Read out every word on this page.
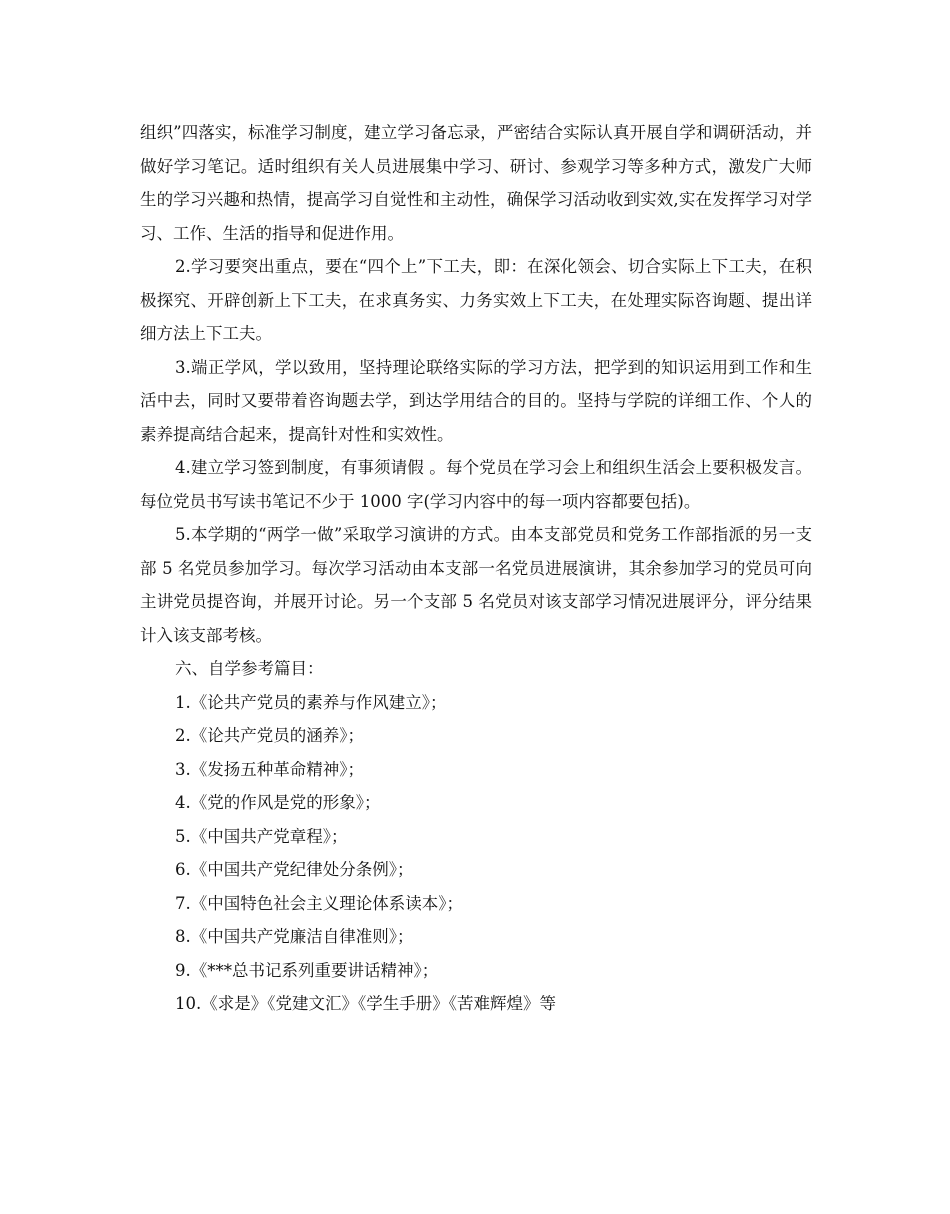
组织”四落实，标准学习制度，建立学习备忘录，严密结合实际认真开展自学和调研活动，并做好学习笔记。适时组织有关人员进展集中学习、研讨、参观学习等多种方式，激发广大师生的学习兴趣和热情，提高学习自觉性和主动性，确保学习活动收到实效,实在发挥学习对学习、工作、生活的指导和促进作用。

2.学习要突出重点，要在“四个上”下工夫，即：在深化领会、切合实际上下工夫，在积极探究、开辟创新上下工夫，在求真务实、力务实效上下工夫，在处理实际咨询题、提出详细方法上下工夫。

3.端正学风，学以致用，坚持理论联络实际的学习方法，把学到的知识运用到工作和生活中去，同时又要带着咨询题去学，到达学用结合的目的。坚持与学院的详细工作、个人的素养提高结合起来，提高针对性和实效性。

4.建立学习签到制度，有事须请假 。每个党员在学习会上和组织生活会上要积极发言。每位党员书写读书笔记不少于 1000 字(学习内容中的每一项内容都要包括)。

5.本学期的“两学一做”采取学习演讲的方式。由本支部党员和党务工作部指派的另一支部 5 名党员参加学习。每次学习活动由本支部一名党员进展演讲，其余参加学习的党员可向主讲党员提咨询，并展开讨论。另一个支部 5 名党员对该支部学习情况进展评分，评分结果计入该支部考核。

六、自学参考篇目：

1.《论共产党员的素养与作风建立》；
2.《论共产党员的涵养》；
3.《发扬五种革命精神》；
4.《党的作风是党的形象》；
5.《中国共产党章程》；
6.《中国共产党纪律处分条例》；
7.《中国特色社会主义理论体系读本》；
8.《中国共产党廉洁自律准则》；
9.《***总书记系列重要讲话精神》；
10.《求是》《党建文汇》《学生手册》《苦难辉煌》等
